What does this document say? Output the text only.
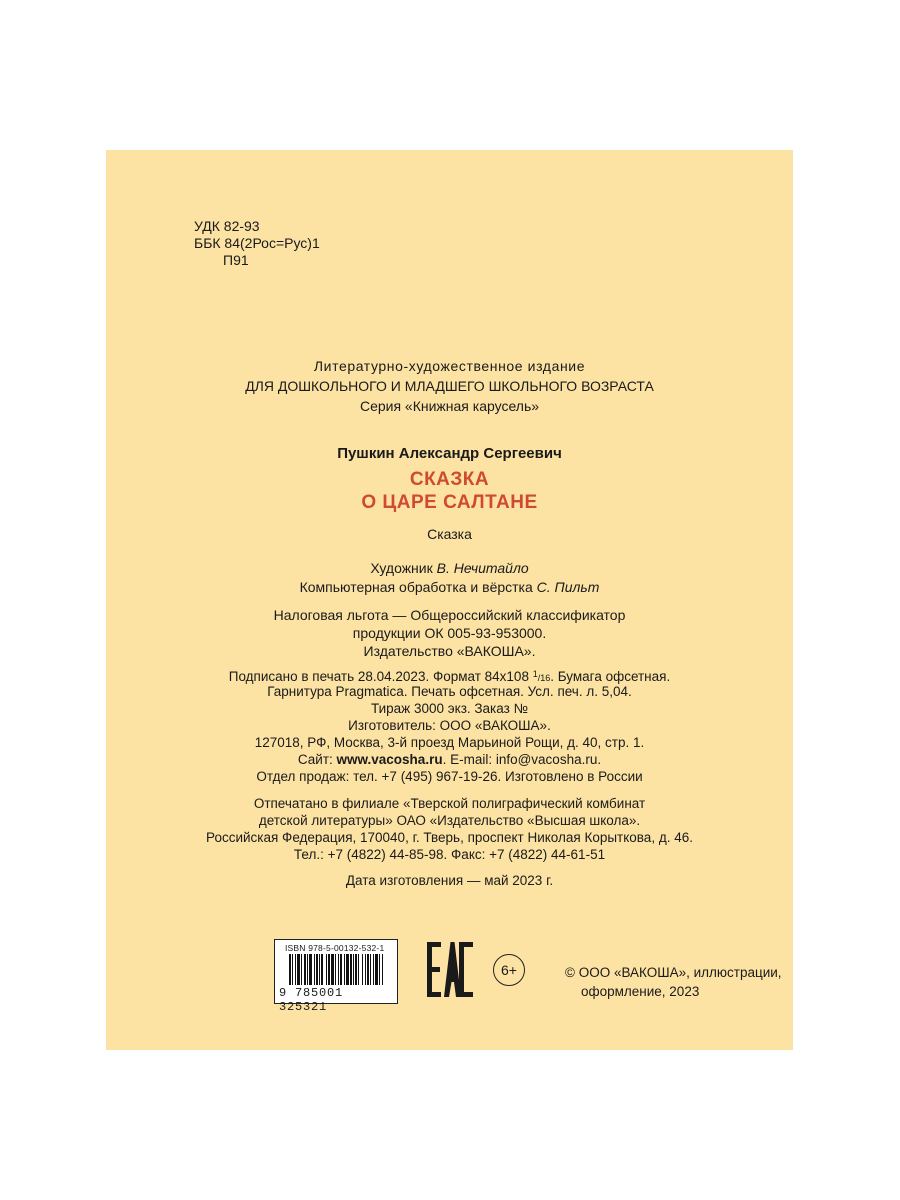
УДК 82-93
ББК 84(2Рос=Рус)1
П91
Литературно-художественное издание
ДЛЯ ДОШКОЛЬНОГО И МЛАДШЕГО ШКОЛЬНОГО ВОЗРАСТА
Серия «Книжная карусель»
Пушкин Александр Сергеевич
СКАЗКА
О ЦАРЕ САЛТАНЕ
Сказка
Художник В. Нечитайло
Компьютерная обработка и вёрстка С. Пильт
Налоговая льгота — Общероссийский классификатор
продукции ОК 005-93-953000.
Издательство «ВАКОША».
Подписано в печать 28.04.2023. Формат 84х108 $^1$/16. Бумага офсетная.
Гарнитура Pragmatica. Печать офсетная. Усл. печ. л. 5,04.
Тираж 3000 экз. Заказ №
Изготовитель: ООО «ВАКОША».
127018, РФ, Москва, 3-й проезд Марьиной Рощи, д. 40, стр. 1.
Сайт: www.vacosha.ru. E-mail: info@vacosha.ru.
Отдел продаж: тел. +7 (495) 967-19-26. Изготовлено в России
Отпечатано в филиале «Тверской полиграфический комбинат
детской литературы» ОАО «Издательство «Высшая школа».
Российская Федерация, 170040, г. Тверь, проспект Николая Корыткова, д. 46.
Тел.: +7 (4822) 44-85-98. Факс: +7 (4822) 44-61-51
Дата изготовления — май 2023 г.
ISBN 978-5-00132-532-1
9 785001 325321
6+	© ООО «ВАКОША», иллюстрации,
оформление, 2023
